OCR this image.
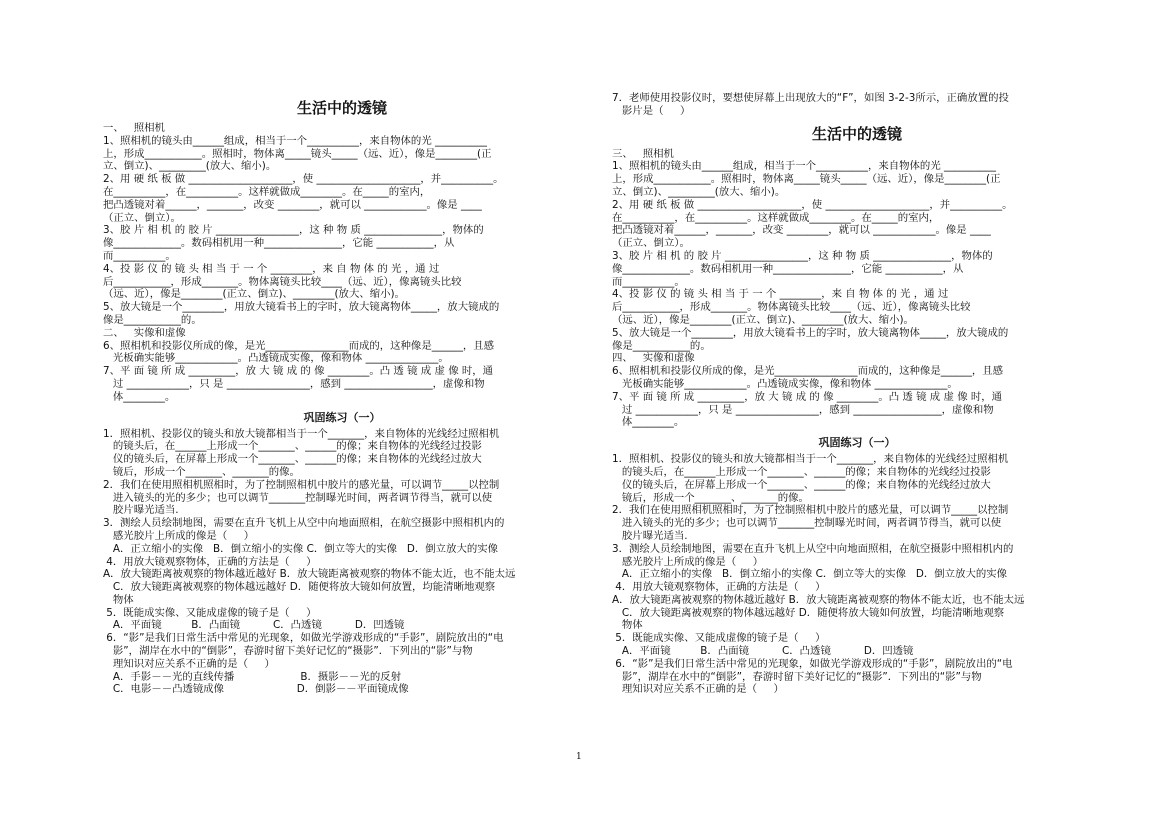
生活中的透镜
一、   照相机
1、照相机的镜头由______组成，相当于一个__________，来自物体的光 __________
上，形成___________。照相时，物体离_____镜头_____（远、近），像是________(正
立、倒立)、_________(放大、缩小)。
2、用 硬 纸 板 做 ____________________，使 ____________________，并__________。
在__________，在__________。这样就做成________。在_____的室内，
把凸透镜对着______，_______，改变 ________，就可以 ____________。像是 ____
（正立、倒立）。
3、胶 片 相 机 的 胶 片 ________________，这 种 物 质 _______________，物体的
像_____________。数码相机用一种_______________，它能 ___________，从
而__________。
4、投 影 仪 的 镜 头 相 当 于 一 个 ________，来 自 物 体 的 光 ，通 过
后___________，形成_______。物体离镜头比较____（远、近），像离镜头比较
（远、近），像是________(正立、倒立)、________(放大、缩小)。
5、放大镜是一个________，用放大镜看书上的字时，放大镜离物体_____，放大镜成的
像是___________的。
二、   实像和虚像
6、照相机和投影仪所成的像，是光________________而成的，这种像是______，且感
光板确实能够____________。凸透镜成实像，像和物体 ______________。
7、平 面 镜 所 成 _________，放 大 镜 成 的 像 ________。凸 透 镜 成 虚 像 时，通
过 ____________，只 是 ________________，感到 _________________，虚像和物
体________。
巩固练习（一）
1．照相机、投影仪的镜头和放大镜都相当于一个_______，来自物体的光线经过照相机
的镜头后，在______上形成一个_______、______的像；来自物体的光线经过投影
仪的镜头后，在屏幕上形成一个_______、______的像；来自物体的光线经过放大
镜后，形成一个_______、_______的像。
2．我们在使用照相机照相时，为了控制照相机中胶片的感光量，可以调节_____以控制
进入镜头的光的多少；也可以调节_______控制曝光时间，两者调节得当，就可以使
胶片曝光适当.
3．测绘人员绘制地图，需要在直升飞机上从空中向地面照相，在航空摄影中照相机内的
感光胶片上所成的像是（     ）
A．正立缩小的实像   B．倒立缩小的实像 C．倒立等大的实像   D．倒立放大的实像
4．用放大镜观察物体，正确的方法是（     ）
A．放大镜距离被观察的物体越近越好 B．放大镜距离被观察的物体不能太近，也不能太远
C．放大镜距离被观察的物体越远越好 D．随便将放大镜如何放置，均能清晰地观察
物体
5．既能成实像、又能成虚像的镜子是（     ）
A．平面镜         B．凸面镜          C．凸透镜          D．凹透镜
6．“影”是我们日常生活中常见的光现象，如做光学游戏形成的“手影”，剧院放出的“电
影”，湖岸在水中的“倒影”，春游时留下美好记忆的“摄影”．下列出的“影”与物
理知识对应关系不正确的是（     ）
A．手影－－光的直线传播                    B．摄影－－光的反射
C．电影－－凸透镜成像                      D．倒影－－平面镜成像
7．老师使用投影仪时，要想使屏幕上出现放大的“F”，如图 3-2-3所示，正确放置的投
影片是（     ）
生活中的透镜
三、   照相机
1、照相机的镜头由______组成，相当于一个__________，来自物体的光 __________
上，形成___________。照相时，物体离_____镜头_____（远、近），像是________(正
立、倒立)、_________(放大、缩小)。
2、用 硬 纸 板 做 ____________________，使 ____________________，并__________。
在__________，在__________。这样就做成________。在_____的室内，
把凸透镜对着______，_______，改变 ________，就可以 ____________。像是 ____
（正立、倒立）。
3、胶 片 相 机 的 胶 片 ________________，这 种 物 质 _______________，物体的
像_____________。数码相机用一种_______________，它能 ___________，从
而__________。
4、投 影 仪 的 镜 头 相 当 于 一 个 ________，来 自 物 体 的 光 ，通 过
后___________，形成_______。物体离镜头比较____（远、近），像离镜头比较
（远、近），像是________(正立、倒立)、________(放大、缩小)。
5、放大镜是一个________，用放大镜看书上的字时，放大镜离物体_____，放大镜成的
像是___________的。
四、   实像和虚像
6、照相机和投影仪所成的像，是光________________而成的，这种像是______，且感
光板确实能够____________。凸透镜成实像，像和物体 ______________。
7、平 面 镜 所 成 _________，放 大 镜 成 的 像 ________。凸 透 镜 成 虚 像 时，通
过 ____________，只 是 ________________，感到 _________________，虚像和物
体________。
巩固练习（一）
1．照相机、投影仪的镜头和放大镜都相当于一个_______，来自物体的光线经过照相机
的镜头后，在______上形成一个_______、______的像；来自物体的光线经过投影
仪的镜头后，在屏幕上形成一个_______、______的像；来自物体的光线经过放大
镜后，形成一个_______、_______的像。
2．我们在使用照相机照相时，为了控制照相机中胶片的感光量，可以调节_____以控制
进入镜头的光的多少；也可以调节_______控制曝光时间，两者调节得当，就可以使
胶片曝光适当.
3．测绘人员绘制地图，需要在直升飞机上从空中向地面照相，在航空摄影中照相机内的
感光胶片上所成的像是（     ）
A．正立缩小的实像   B．倒立缩小的实像 C．倒立等大的实像   D．倒立放大的实像
4．用放大镜观察物体，正确的方法是（     ）
A．放大镜距离被观察的物体越近越好 B．放大镜距离被观察的物体不能太近，也不能太远
C．放大镜距离被观察的物体越远越好 D．随便将放大镜如何放置，均能清晰地观察
物体
5．既能成实像、又能成虚像的镜子是（     ）
A．平面镜         B．凸面镜          C．凸透镜          D．凹透镜
6．“影”是我们日常生活中常见的光现象，如做光学游戏形成的“手影”，剧院放出的“电
影”，湖岸在水中的“倒影”，春游时留下美好记忆的“摄影”．下列出的“影”与物
理知识对应关系不正确的是（     ）
1
